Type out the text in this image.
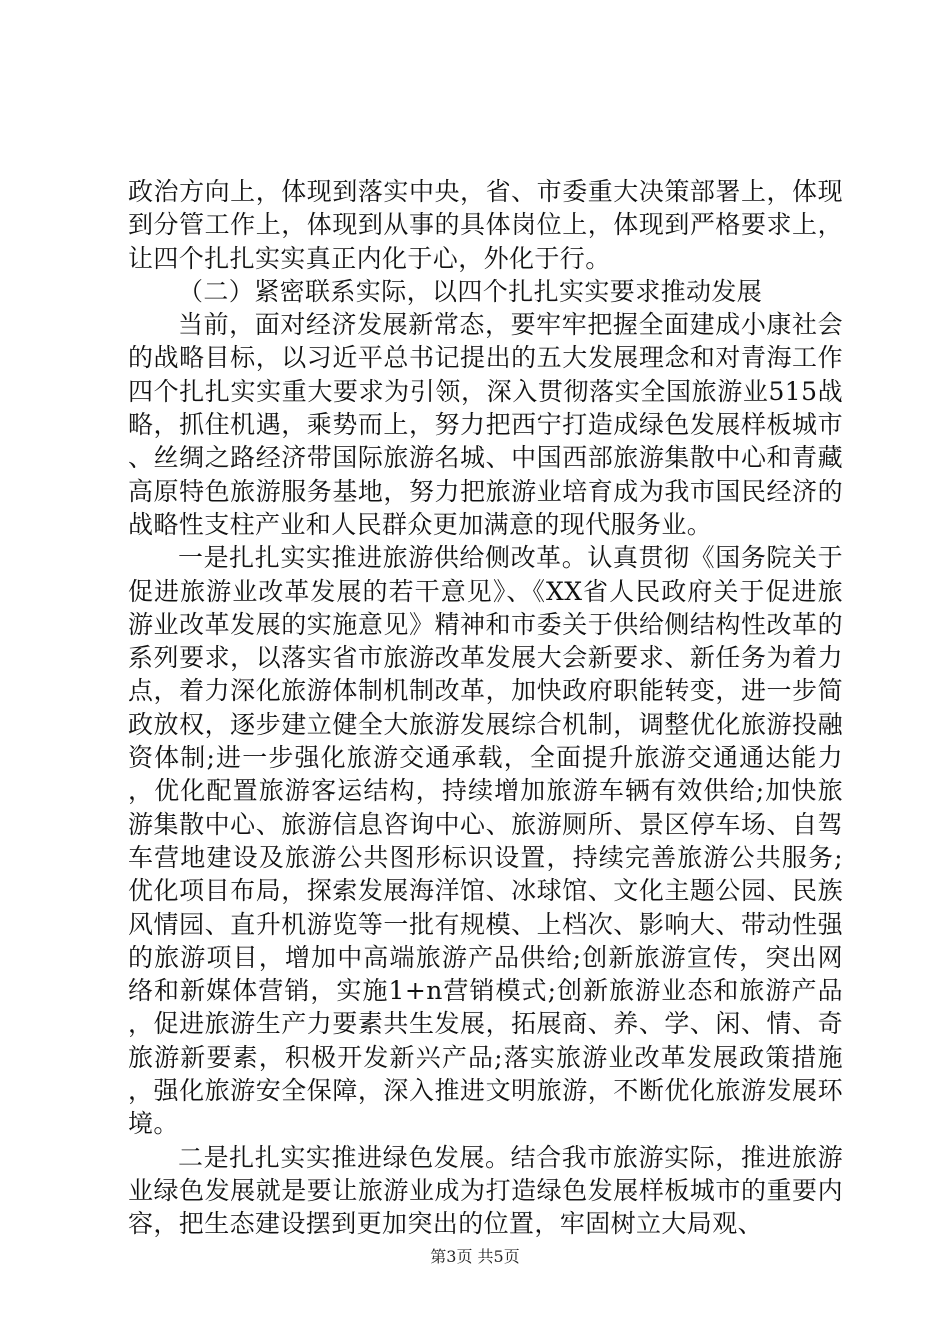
政治方向上，体现到落实中央，省、市委重大决策部署上，体现到分管工作上，体现到从事的具体岗位上，体现到严格要求上，让四个扎扎实实真正内化于心，外化于行。

（二）紧密联系实际，以四个扎扎实实要求推动发展

当前，面对经济发展新常态，要牢牢把握全面建成小康社会的战略目标，以习近平总书记提出的五大发展理念和对青海工作四个扎扎实实重大要求为引领，深入贯彻落实全国旅游业515战略，抓住机遇，乘势而上，努力把西宁打造成绿色发展样板城市、丝绸之路经济带国际旅游名城、中国西部旅游集散中心和青藏高原特色旅游服务基地，努力把旅游业培育成为我市国民经济的战略性支柱产业和人民群众更加满意的现代服务业。

一是扎扎实实推进旅游供给侧改革。认真贯彻《国务院关于促进旅游业改革发展的若干意见》、《XX省人民政府关于促进旅游业改革发展的实施意见》精神和市委关于供给侧结构性改革的系列要求，以落实省市旅游改革发展大会新要求、新任务为着力点，着力深化旅游体制机制改革，加快政府职能转变，进一步简政放权，逐步建立健全大旅游发展综合机制，调整优化旅游投融资体制;进一步强化旅游交通承载，全面提升旅游交通通达能力，优化配置旅游客运结构，持续增加旅游车辆有效供给;加快旅游集散中心、旅游信息咨询中心、旅游厕所、景区停车场、自驾车营地建设及旅游公共图形标识设置，持续完善旅游公共服务;优化项目布局，探索发展海洋馆、冰球馆、文化主题公园、民族风情园、直升机游览等一批有规模、上档次、影响大、带动性强的旅游项目，增加中高端旅游产品供给;创新旅游宣传，突出网络和新媒体营销，实施1+n营销模式;创新旅游业态和旅游产品，促进旅游生产力要素共生发展，拓展商、养、学、闲、情、奇旅游新要素，积极开发新兴产品;落实旅游业改革发展政策措施，强化旅游安全保障，深入推进文明旅游，不断优化旅游发展环境。

二是扎扎实实推进绿色发展。结合我市旅游实际，推进旅游业绿色发展就是要让旅游业成为打造绿色发展样板城市的重要内容，把生态建设摆到更加突出的位置，牢固树立大局观、

第3页 共5页
